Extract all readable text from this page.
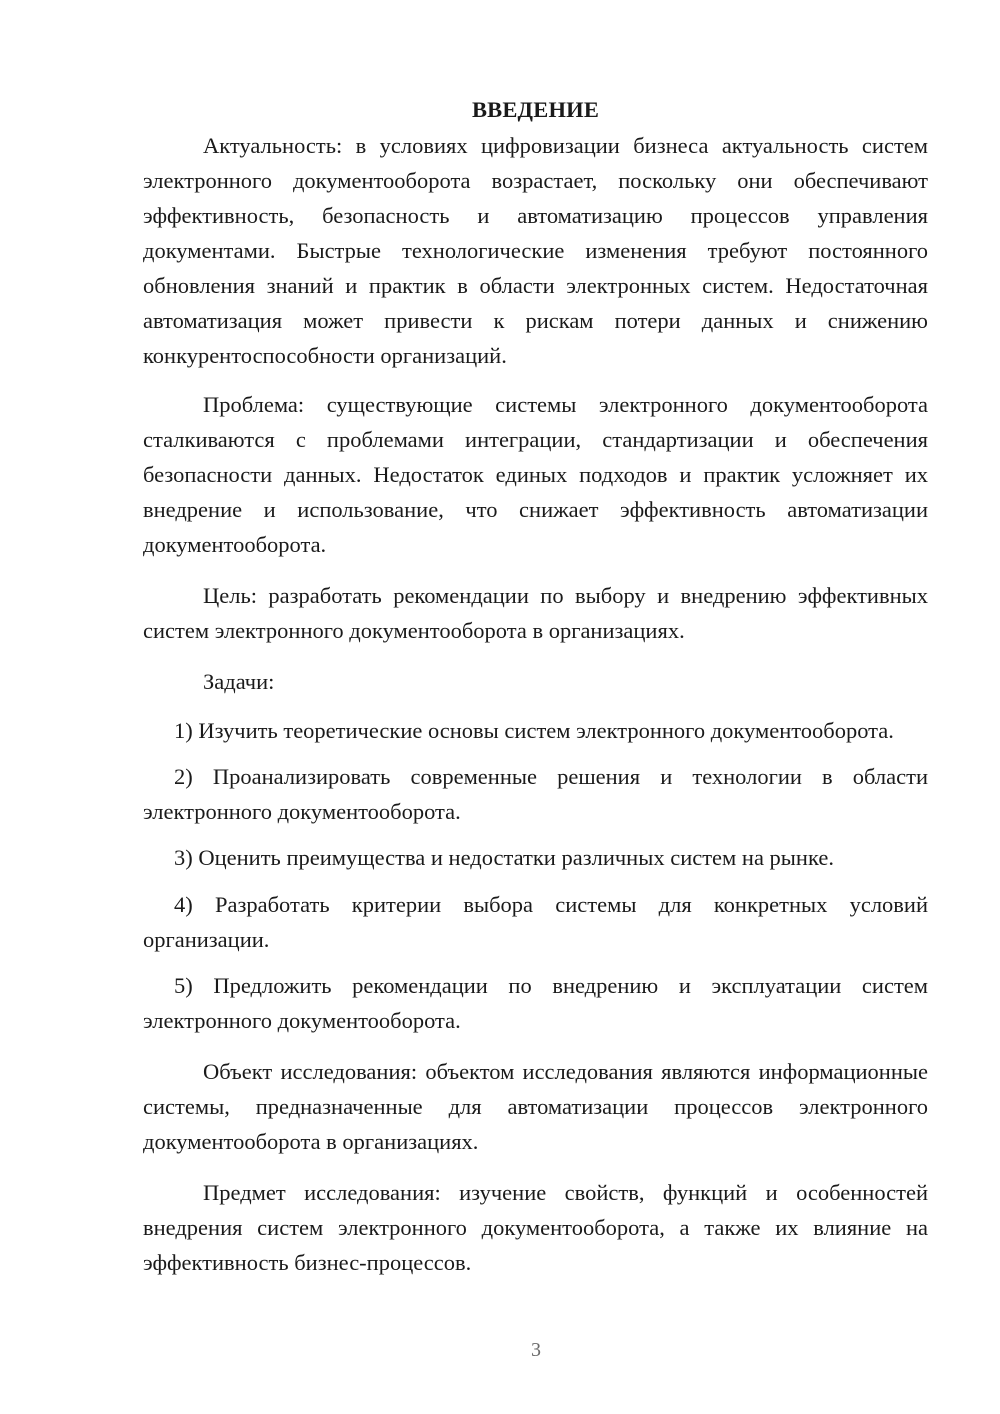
ВВЕДЕНИЕ

Актуальность: в условиях цифровизации бизнеса актуальность систем электронного документооборота возрастает, поскольку они обеспечивают эффективность, безопасность и автоматизацию процессов управления документами. Быстрые технологические изменения требуют постоянного обновления знаний и практик в области электронных систем. Недостаточная автоматизация может привести к рискам потери данных и снижению конкурентоспособности организаций.

Проблема: существующие системы электронного документооборота сталкиваются с проблемами интеграции, стандартизации и обеспечения безопасности данных. Недостаток единых подходов и практик усложняет их внедрение и использование, что снижает эффективность автоматизации документооборота.

Цель: разработать рекомендации по выбору и внедрению эффективных систем электронного документооборота в организациях.

Задачи:

1) Изучить теоретические основы систем электронного документооборота.

2) Проанализировать современные решения и технологии в области электронного документооборота.

3) Оценить преимущества и недостатки различных систем на рынке.

4) Разработать критерии выбора системы для конкретных условий организации.

5) Предложить рекомендации по внедрению и эксплуатации систем электронного документооборота.

Объект исследования: объектом исследования являются информационные системы, предназначенные для автоматизации процессов электронного документооборота в организациях.

Предмет исследования: изучение свойств, функций и особенностей внедрения систем электронного документооборота, а также их влияние на эффективность бизнес-процессов.

3
